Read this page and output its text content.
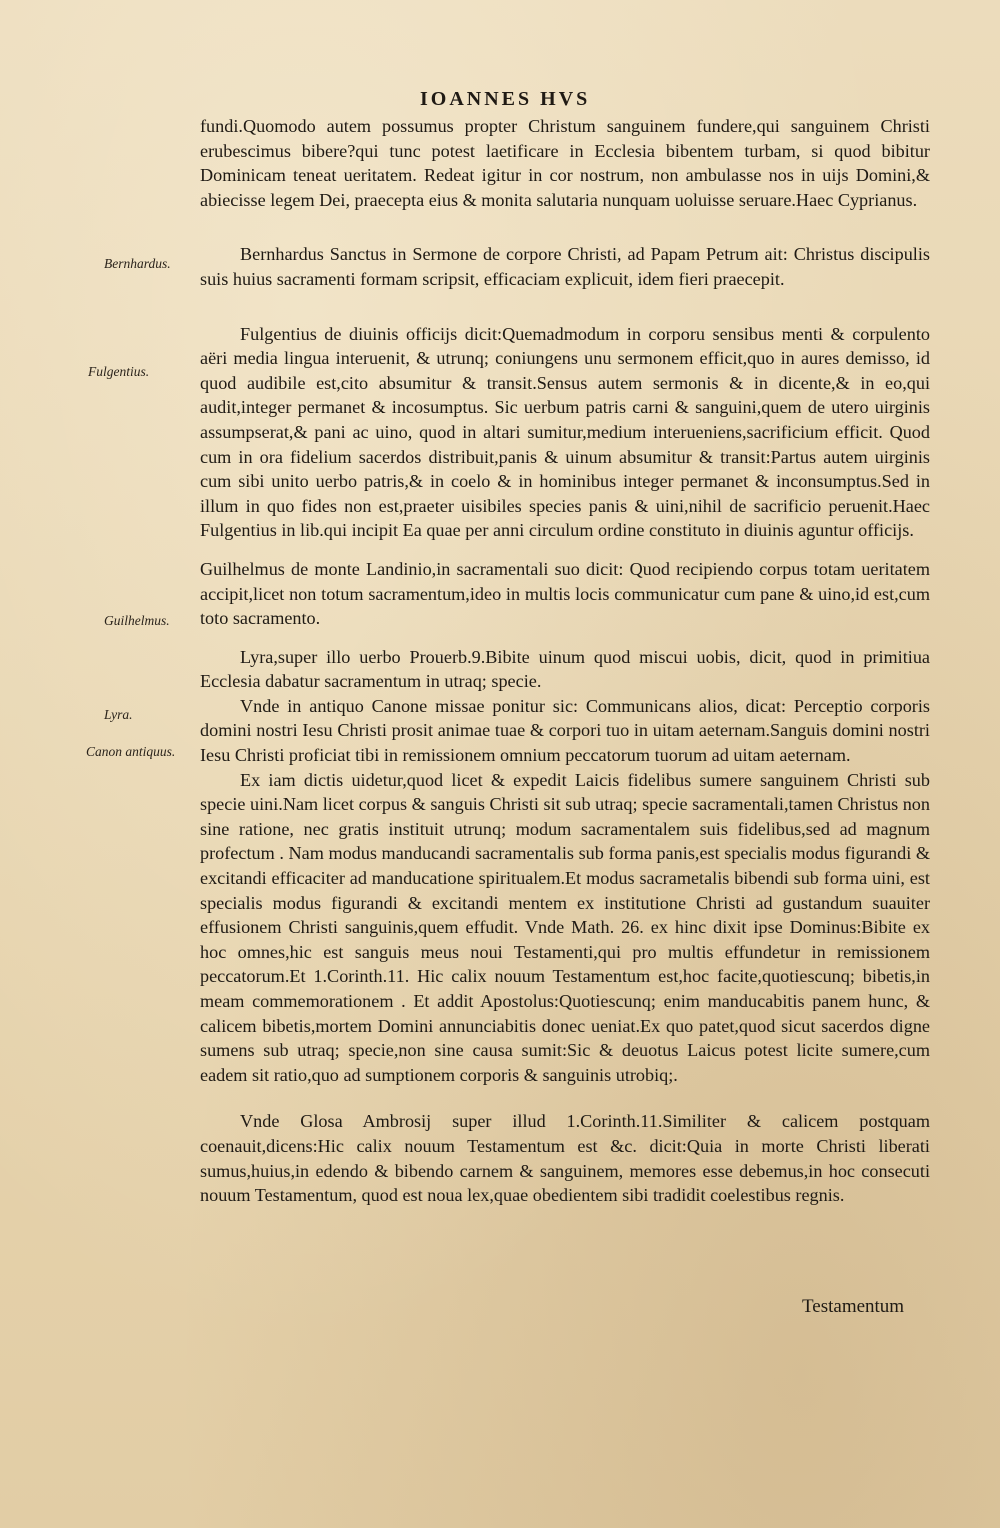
IOANNES HVS
Bernhardus.
Fulgentius.
Guilhelmus.
Lyra.
Canon antiquus.

fundi.Quomodo autem possumus propter Christum sanguinem fundere,qui sanguinem Christi erubescimus bibere?qui tunc potest laetificare in Ecclesia bibentem turbam, si quod bibitur Dominicam teneat ueritatem. Redeat igitur in cor nostrum, non ambulasse nos in uijs Domini,& abiecisse legem Dei, praecepta eius & monita salutaria nunquam uoluisse seruare.Haec Cyprianus.

Bernhardus Sanctus in Sermone de corpore Christi, ad Papam Petrum ait: Christus discipulis suis huius sacramenti formam scripsit, efficaciam explicuit, idem fieri praecepit.

Fulgentius de diuinis officijs dicit:Quemadmodum in corporu sensibus menti & corpulento aëri media lingua interuenit, & utrunq; coniungens unu sermonem efficit,quo in aures demisso, id quod audibile est,cito absumitur & transit.Sensus autem sermonis & in dicente,& in eo,qui audit,integer permanet & incosumptus. Sic uerbum patris carni & sanguini,quem de utero uirginis assumpserat,& pani ac uino, quod in altari sumitur,medium interueniens,sacrificium efficit. Quod cum in ora fidelium sacerdos distribuit,panis & uinum absumitur & transit:Partus autem uirginis cum sibi unito uerbo patris,& in coelo & in hominibus integer permanet & inconsumptus.Sed in illum in quo fides non est,praeter uisibiles species panis & uini,nihil de sacrificio peruenit.Haec Fulgentius in lib.qui incipit Ea quae per anni circulum ordine constituto in diuinis aguntur officijs.

Guilhelmus de monte Landinio,in sacramentali suo dicit: Quod recipiendo corpus totam ueritatem accipit,licet non totum sacramentum,ideo in multis locis communicatur cum pane & uino,id est,cum toto sacramento.

Lyra,super illo uerbo Prouerb.9.Bibite uinum quod miscui uobis, dicit, quod in primitiua Ecclesia dabatur sacramentum in utraq; specie.

Vnde in antiquo Canone missae ponitur sic: Communicans alios, dicat: Perceptio corporis domini nostri Iesu Christi prosit animae tuae & corpori tuo in uitam aeternam.Sanguis domini nostri Iesu Christi proficiat tibi in remissionem omnium peccatorum tuorum ad uitam aeternam.

Ex iam dictis uidetur,quod licet & expedit Laicis fidelibus sumere sanguinem Christi sub specie uini.Nam licet corpus & sanguis Christi sit sub utraq; specie sacramentali,tamen Christus non sine ratione, nec gratis instituit utrunq; modum sacramentalem suis fidelibus,sed ad magnum profectum . Nam modus manducandi sacramentalis sub forma panis,est specialis modus figurandi & excitandi efficaciter ad manducatione spiritualem.Et modus sacrametalis bibendi sub forma uini, est specialis modus figurandi & excitandi mentem ex institutione Christi ad gustandum suauiter effusionem Christi sanguinis,quem effudit. Vnde Math. 26. ex hinc dixit ipse Dominus:Bibite ex hoc omnes,hic est sanguis meus noui Testamenti,qui pro multis effundetur in remissionem peccatorum.Et 1.Corinth.11. Hic calix nouum Testamentum est,hoc facite,quotiescunq; bibetis,in meam commemorationem . Et addit Apostolus:Quotiescunq; enim manducabitis panem hunc, & calicem bibetis,mortem Domini annunciabitis donec ueniat.Ex quo patet,quod sicut sacerdos digne sumens sub utraq; specie,non sine causa sumit:Sic & deuotus Laicus potest licite sumere,cum eadem sit ratio,quo ad sumptionem corporis & sanguinis utrobiq;.

Vnde Glosa Ambrosij super illud 1.Corinth.11.Similiter & calicem postquam coenauit,dicens:Hic calix nouum Testamentum est &c. dicit:Quia in morte Christi liberati sumus,huius,in edendo & bibendo carnem & sanguinem, memores esse debemus,in hoc consecuti nouum Testamentum, quod est noua lex,quae obedientem sibi tradidit coelestibus regnis.

Testamentum
